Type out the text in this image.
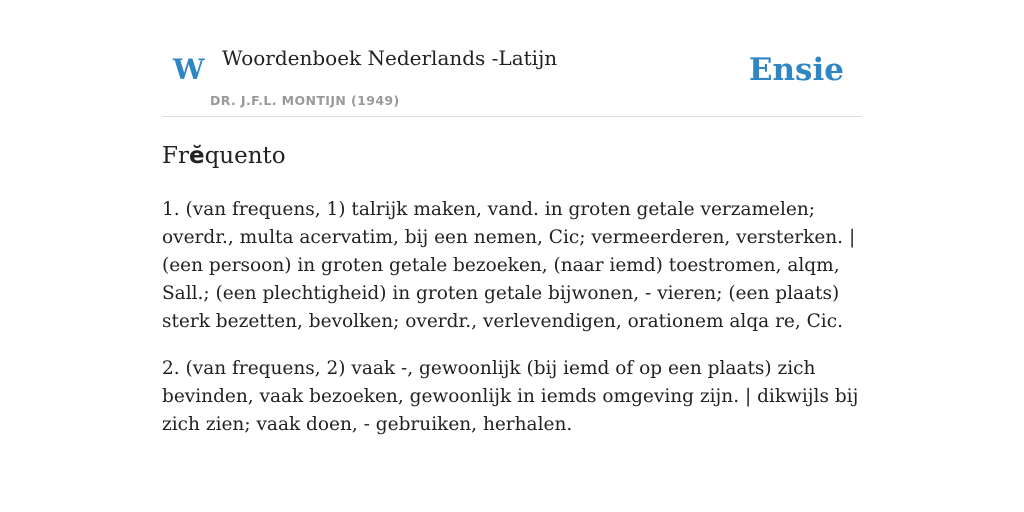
W Woordenboek Nederlands -Latijn
DR. J.F.L. MONTIJN (1949)
Ensie
Frĕquento

1. (van frequens, 1) talrijk maken, vand. in groten getale verzamelen; overdr., multa acervatim, bij een nemen, Cic; vermeerderen, versterken. | (een persoon) in groten getale bezoeken, (naar iemd) toestromen, alqm, Sall.; (een plechtigheid) in groten getale bijwonen, - vieren; (een plaats) sterk bezetten, bevolken; overdr., verlevendigen, orationem alqa re, Cic.

2. (van frequens, 2) vaak -, gewoonlijk (bij iemd of op een plaats) zich bevinden, vaak bezoeken, gewoonlijk in iemds omgeving zijn. | dikwijls bij zich zien; vaak doen, - gebruiken, herhalen.
